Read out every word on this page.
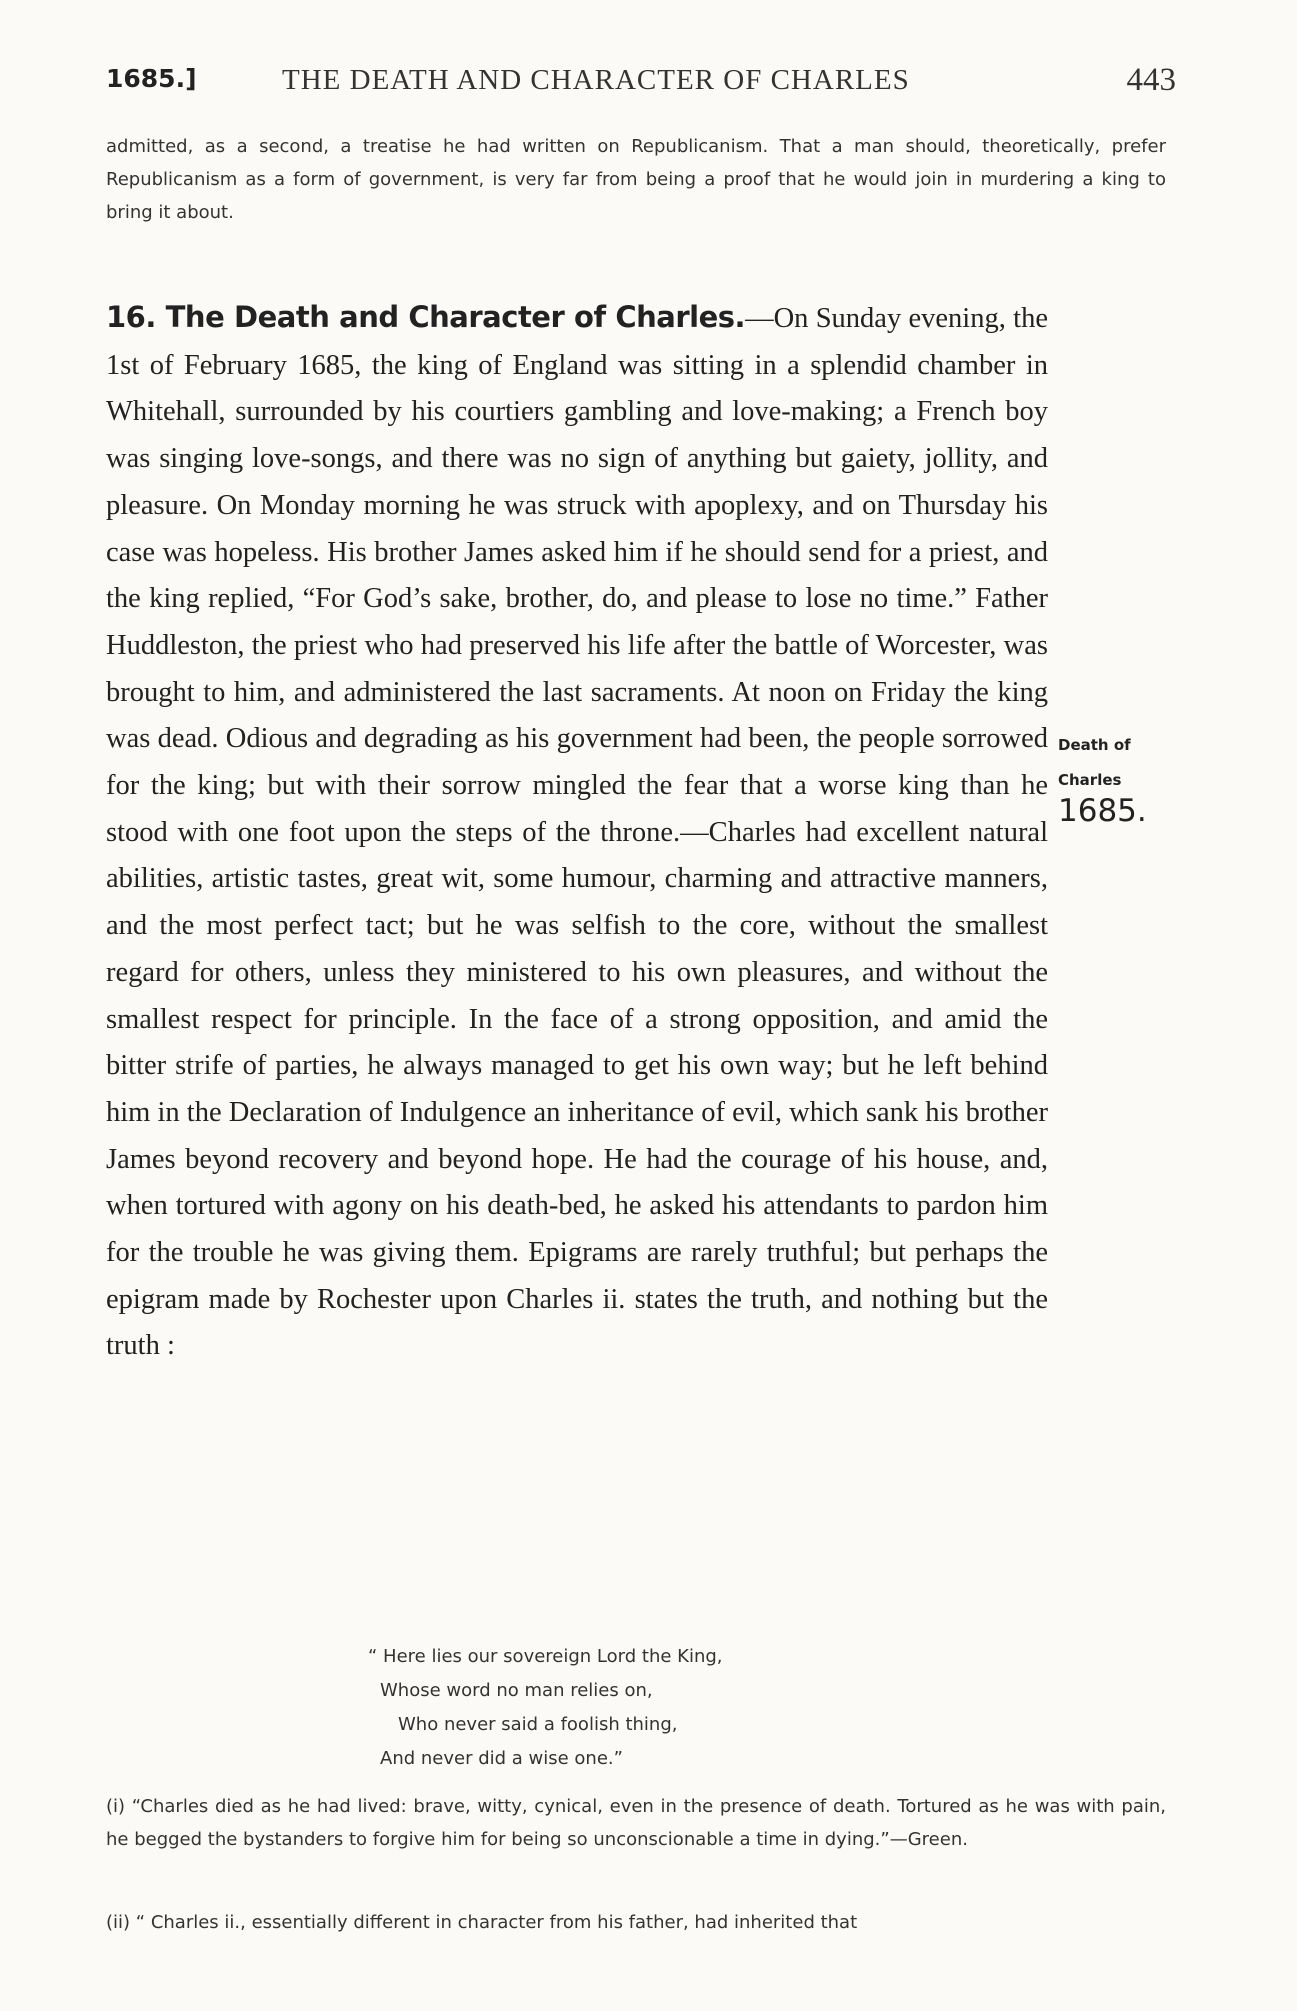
1685.]	THE DEATH AND CHARACTER OF CHARLES	443

admitted, as a second, a treatise he had written on Republicanism. That a man should, theoretically, prefer Republicanism as a form of government, is very far from being a proof that he would join in murdering a king to bring it about.

16. The Death and Character of Charles.—On Sunday evening, the 1st of February 1685, the king of England was sitting in a splendid chamber in Whitehall, surrounded by his courtiers gambling and love-making; a French boy was singing love-songs, and there was no sign of anything but gaiety, jollity, and pleasure. On Monday morning he was struck with apoplexy, and on Thursday his case was hopeless. His brother James asked him if he should send for a priest, and the king replied, “For God’s sake, brother, do, and please to lose no time.” Father Huddleston, the priest who had preserved his life after the battle of Worcester, was brought to him, and administered the last sacraments. At noon on Friday the king was dead. Odious and degrading as his government had been, the people sorrowed for the king; but with their sorrow mingled the fear that a worse king than he stood with one foot upon the steps of the throne.—Charles had excellent natural abilities, artistic tastes, great wit, some humour, charming and attractive manners, and the most perfect tact; but he was selfish to the core, without the smallest regard for others, unless they ministered to his own pleasures, and without the smallest respect for principle. In the face of a strong opposition, and amid the bitter strife of parties, he always managed to get his own way; but he left behind him in the Declaration of Indulgence an inheritance of evil, which sank his brother James beyond recovery and beyond hope. He had the courage of his house, and, when tortured with agony on his death-bed, he asked his attendants to pardon him for the trouble he was giving them. Epigrams are rarely truthful; but perhaps the epigram made by Rochester upon Charles ii. states the truth, and nothing but the truth :

Death of
Charles
1685.
“ Here lies our sovereign Lord the King,
Whose word no man relies on,
Who never said a foolish thing,
And never did a wise one.”

(i) “Charles died as he had lived: brave, witty, cynical, even in the presence of death. Tortured as he was with pain, he begged the bystanders to forgive him for being so unconscionable a time in dying.”—Green.

(ii) “ Charles ii., essentially different in character from his father, had inherited that
